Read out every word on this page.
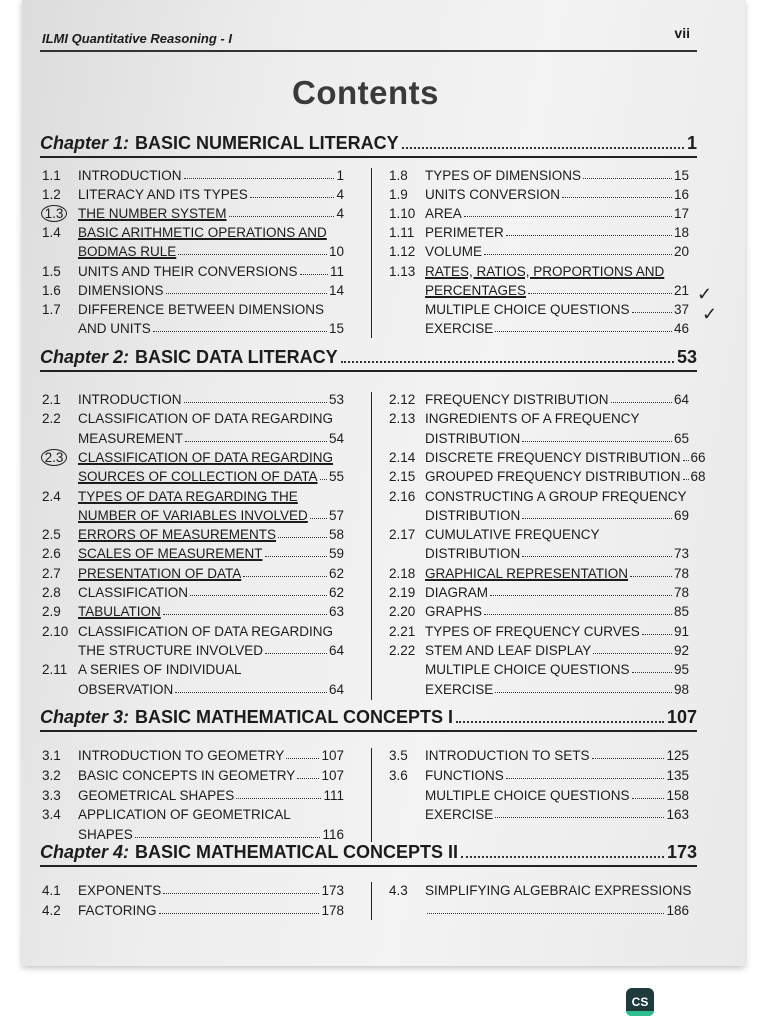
ILMI Quantitative Reasoning - I	vii
Contents
Chapter 1: BASIC NUMERICAL LITERACY	1
1.1	INTRODUCTION	1
1.2	LITERACY AND ITS TYPES	4
1.3 THE NUMBER SYSTEM	4
1.4	BASIC ARITHMETIC OPERATIONS AND
BODMAS RULE	10
1.5	UNITS AND THEIR CONVERSIONS 11
1.6	DIMENSIONS	14
1.7	DIFFERENCE BETWEEN DIMENSIONS
AND UNITS	15
1.8	TYPES OF DIMENSIONS	15
1.9	UNITS CONVERSION	16
1.10 AREA	17
1.11 PERIMETER	18
1.12 VOLUME	20
1.13 RATES, RATIOS, PROPORTIONS AND
PERCENTAGES	21
MULTIPLE CHOICE QUESTIONS	37
EXERCISE	46
Chapter 2: BASIC DATA LITERACY	53
2.1	INTRODUCTION	53
2.2	CLASSIFICATION OF DATA REGARDING
MEASUREMENT	54
2.3 CLASSIFICATION OF DATA REGARDING
SOURCES OF COLLECTION OF DATA 55
2.4	TYPES OF DATA REGARDING THE
NUMBER OF VARIABLES INVOLVED 57
2.5	ERRORS OF MEASUREMENTS	58
2.6	SCALES OF MEASUREMENT	59
2.7	PRESENTATION OF DATA	62
2.8	CLASSIFICATION	62
2.9	TABULATION	63
2.10 CLASSIFICATION OF DATA REGARDING
THE STRUCTURE INVOLVED	64
2.11 A SERIES OF INDIVIDUAL
OBSERVATION	64
2.12 FREQUENCY DISTRIBUTION	64
2.13 INGREDIENTS OF A FREQUENCY
DISTRIBUTION	65
2.14 DISCRETE FREQUENCY DISTRIBUTION 66
2.15 GROUPED FREQUENCY DISTRIBUTION 68
2.16 CONSTRUCTING A GROUP FREQUENCY
DISTRIBUTION	69
2.17 CUMULATIVE FREQUENCY
DISTRIBUTION	73
2.18 GRAPHICAL REPRESENTATION	78
2.19 DIAGRAM	78
2.20 GRAPHS	85
2.21 TYPES OF FREQUENCY CURVES	91
2.22 STEM AND LEAF DISPLAY	92
MULTIPLE CHOICE QUESTIONS	95
EXERCISE	98
Chapter 3: BASIC MATHEMATICAL CONCEPTS I	107
3.1	INTRODUCTION TO GEOMETRY	107
3.2	BASIC CONCEPTS IN GEOMETRY 107
3.3	GEOMETRICAL SHAPES	111
3.4	APPLICATION OF GEOMETRICAL
SHAPES	116
3.5	INTRODUCTION TO SETS	125
3.6	FUNCTIONS	135
MULTIPLE CHOICE QUESTIONS	158
EXERCISE	163
Chapter 4: BASIC MATHEMATICAL CONCEPTS II	173
4.1	EXPONENTS	173
4.2	FACTORING	178
4.3	SIMPLIFYING ALGEBRAIC EXPRESSIONS
186
✓
✓
CS
